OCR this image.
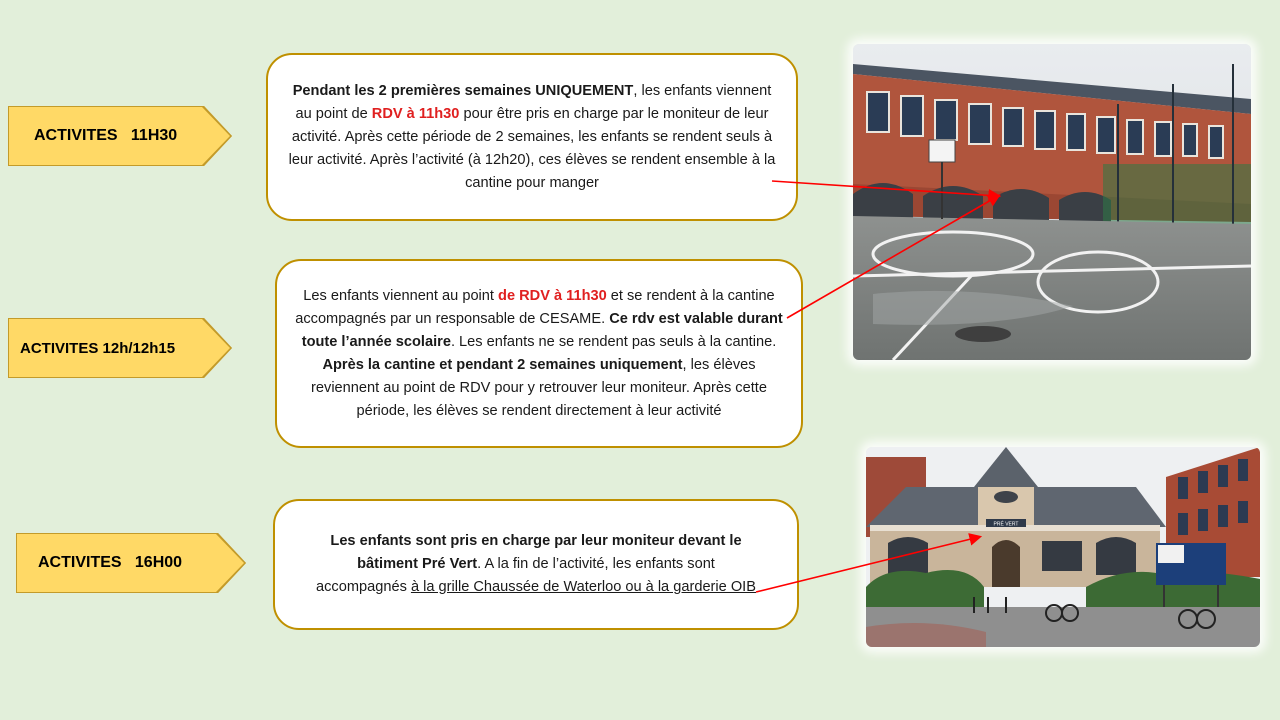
ACTIVITES   11H30
ACTIVITES 12h/12h15
ACTIVITES   16H00

Pendant les 2 premières semaines UNIQUEMENT, les enfants viennent au point de RDV à 11h30 pour être pris en charge par le moniteur de leur activité. Après cette période de 2 semaines, les enfants se rendent seuls à leur activité. Après l’activité (à 12h20), ces élèves se rendent ensemble à la cantine pour manger

Les enfants viennent au point de RDV à 11h30 et se rendent à la cantine accompagnés par un responsable de CESAME. Ce rdv est valable durant toute l’année scolaire. Les enfants ne se rendent pas seuls à la cantine. Après la cantine et pendant 2 semaines uniquement, les élèves reviennent au point de RDV pour y retrouver leur moniteur. Après cette période, les élèves se rendent directement à leur activité

Les enfants sont pris en charge par leur moniteur devant le bâtiment Pré Vert. A la fin de l’activité, les enfants sont accompagnés à la grille Chaussée de Waterloo ou à la garderie OIB

PRÉ VERT
